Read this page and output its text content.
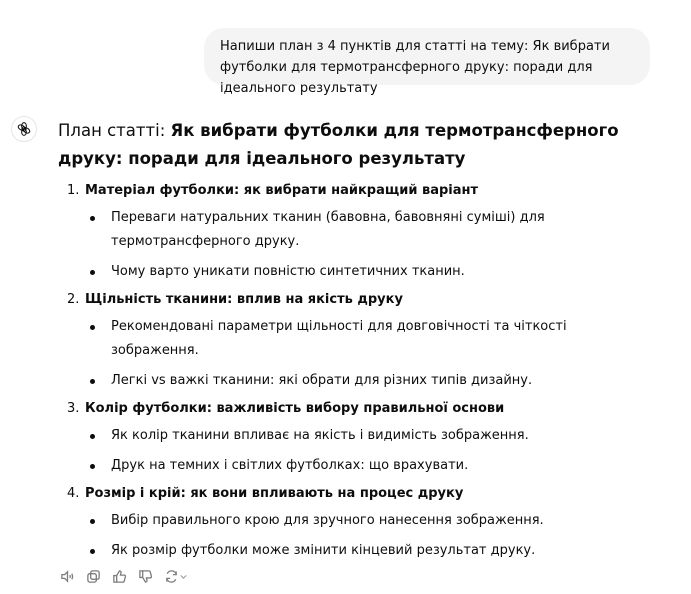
Напиши план з 4 пунктів для статті на тему: Як вибрати футболки для термотрансферного друку: поради для ідеального результату

План статті: Як вибрати футболки для термотрансферного друку: поради для ідеального результату

1. Матеріал футболки: як вибрати найкращий варіант
Переваги натуральних тканин (бавовна, бавовняні суміші) для термотрансферного друку.
Чому варто уникати повністю синтетичних тканин.
2. Щільність тканини: вплив на якість друку
Рекомендовані параметри щільності для довговічності та чіткості зображення.
Легкі vs важкі тканини: які обрати для різних типів дизайну.
3. Колір футболки: важливість вибору правильної основи
Як колір тканини впливає на якість і видимість зображення.
Друк на темних і світлих футболках: що врахувати.
4. Розмір і крій: як вони впливають на процес друку
Вибір правильного крою для зручного нанесення зображення.
Як розмір футболки може змінити кінцевий результат друку.
